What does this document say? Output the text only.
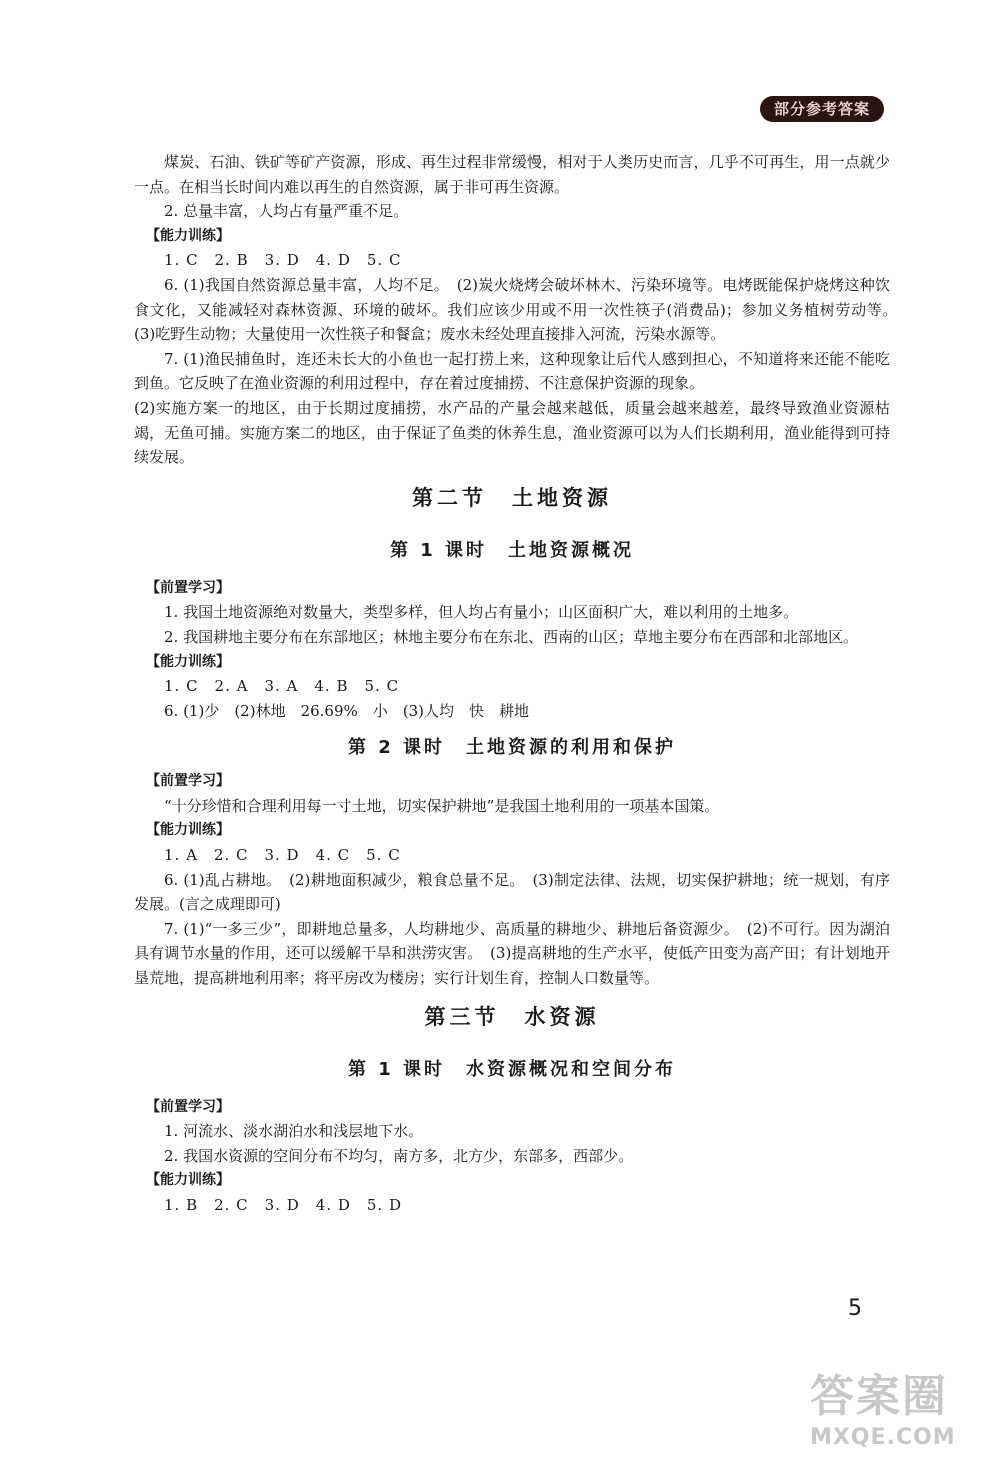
部分参考答案

煤炭、石油、铁矿等矿产资源，形成、再生过程非常缓慢，相对于人类历史而言，几乎不可再生，用一点就少一点。在相当长时间内难以再生的自然资源，属于非可再生资源。

2. 总量丰富，人均占有量严重不足。

【能力训练】

1. C　2. B　3. D　4. D　5. C

6. (1)我国自然资源总量丰富，人均不足。　(2)炭火烧烤会破坏林木、污染环境等。电烤既能保护烧烤这种饮食文化，又能减轻对森林资源、环境的破坏。我们应该少用或不用一次性筷子(消费品)；参加义务植树劳动等。　(3)吃野生动物；大量使用一次性筷子和餐盒；废水未经处理直接排入河流，污染水源等。

7. (1)渔民捕鱼时，连还未长大的小鱼也一起打捞上来，这种现象让后代人感到担心，不知道将来还能不能吃到鱼。它反映了在渔业资源的利用过程中，存在着过度捕捞、不注意保护资源的现象。

(2)实施方案一的地区，由于长期过度捕捞，水产品的产量会越来越低，质量会越来越差，最终导致渔业资源枯竭，无鱼可捕。实施方案二的地区，由于保证了鱼类的休养生息，渔业资源可以为人们长期利用，渔业能得到可持续发展。

第二节　土地资源
第 1 课时　土地资源概况
【前置学习】

1. 我国土地资源绝对数量大，类型多样，但人均占有量小；山区面积广大，难以利用的土地多。

2. 我国耕地主要分布在东部地区；林地主要分布在东北、西南的山区；草地主要分布在西部和北部地区。

【能力训练】

1. C　2. A　3. A　4. B　5. C

6. (1)少　(2)林地　26.69%　小　(3)人均　快　耕地

第 2 课时　土地资源的利用和保护
【前置学习】

“十分珍惜和合理利用每一寸土地，切实保护耕地”是我国土地利用的一项基本国策。

【能力训练】

1. A　2. C　3. D　4. C　5. C

6. (1)乱占耕地。　(2)耕地面积减少，粮食总量不足。　(3)制定法律、法规，切实保护耕地；统一规划，有序发展。(言之成理即可)

7. (1)“一多三少”，即耕地总量多，人均耕地少、高质量的耕地少、耕地后备资源少。　(2)不可行。因为湖泊具有调节水量的作用，还可以缓解干旱和洪涝灾害。　(3)提高耕地的生产水平，使低产田变为高产田；有计划地开垦荒地，提高耕地利用率；将平房改为楼房；实行计划生育，控制人口数量等。

第三节　水资源
第 1 课时　水资源概况和空间分布
【前置学习】

1. 河流水、淡水湖泊水和浅层地下水。

2. 我国水资源的空间分布不均匀，南方多，北方少，东部多，西部少。

【能力训练】

1. B　2. C　3. D　4. D　5. D

5
答案圈
MXQE.COM
